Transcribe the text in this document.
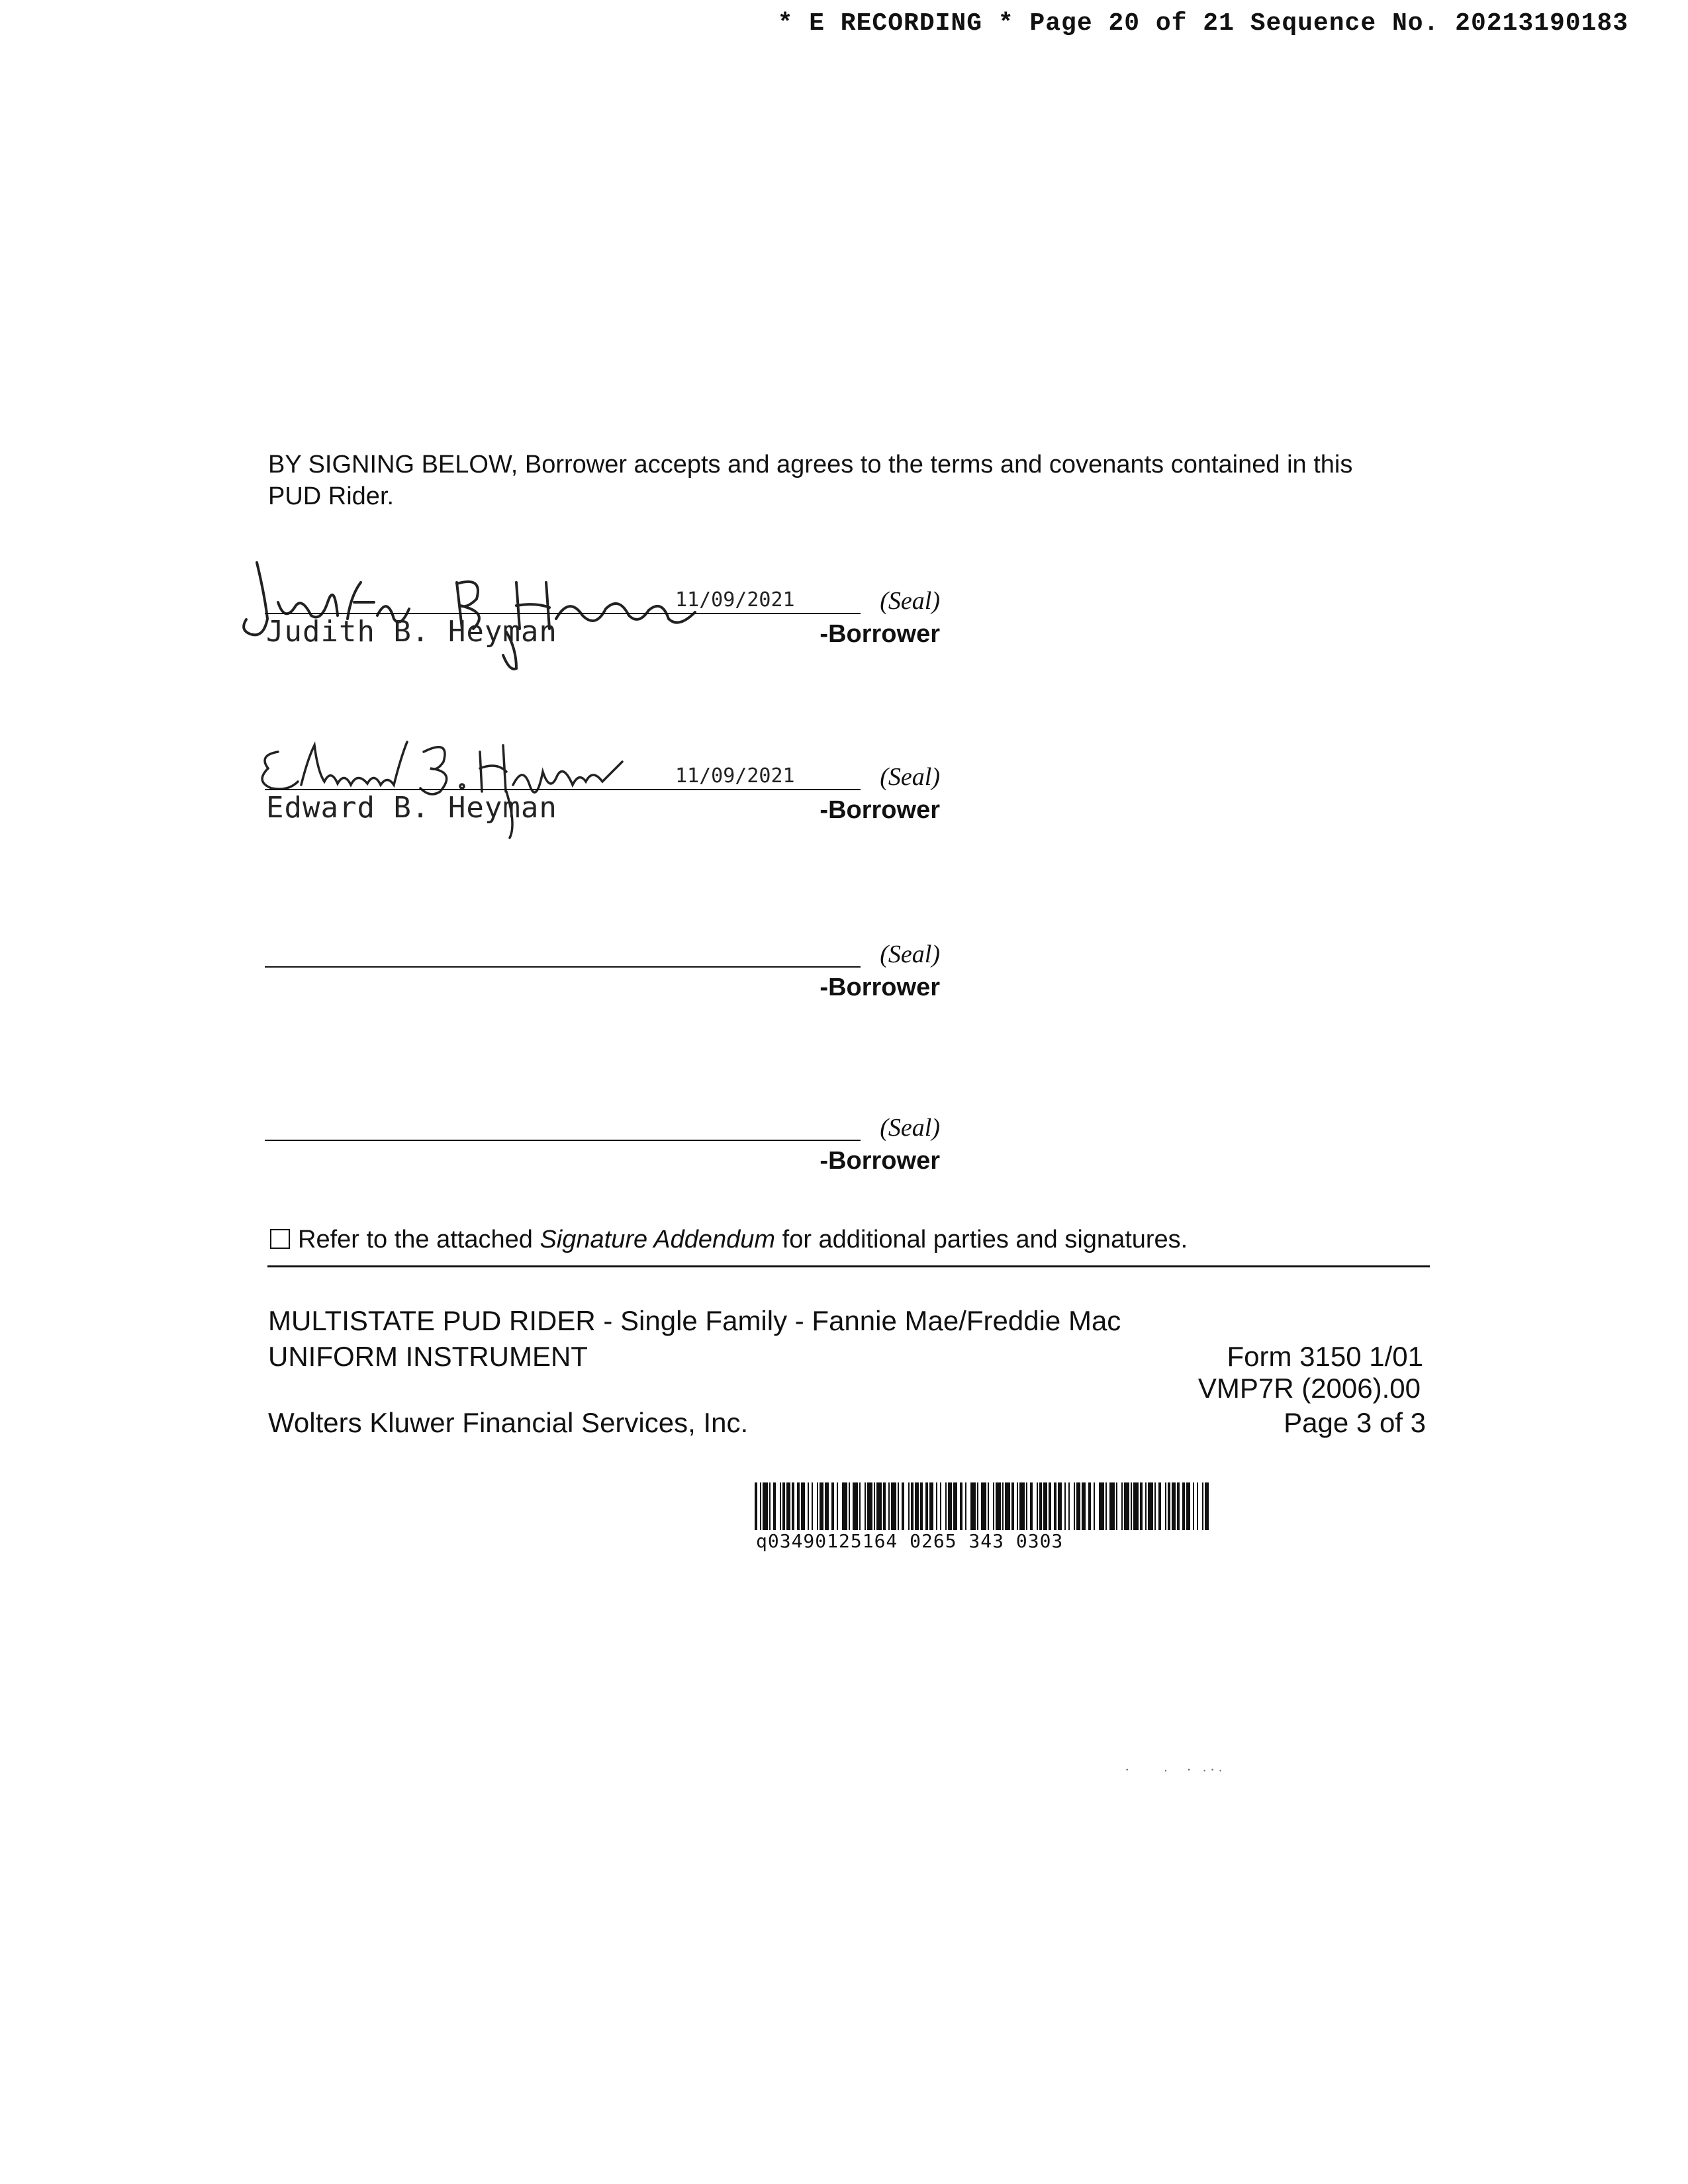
* E RECORDING * Page 20 of 21 Sequence No. 20213190183
BY SIGNING BELOW, Borrower accepts and agrees to the terms and covenants contained in this PUD Rider.
11/09/2021	(Seal)
Judith B. Heyman	-Borrower
11/09/2021	(Seal)
Edward B. Heyman	-Borrower
(Seal)
-Borrower
(Seal)
-Borrower
Refer to the attached Signature Addendum for additional parties and signatures.
MULTISTATE PUD RIDER - Single Family - Fannie Mae/Freddie Mac
UNIFORM INSTRUMENT	Form 3150 1/01
VMP7R (2006).00
Wolters Kluwer Financial Services, Inc.	Page 3 of 3
q03490125164 0265 343 0303
⸱    ·  ⸱ ·⸱·
